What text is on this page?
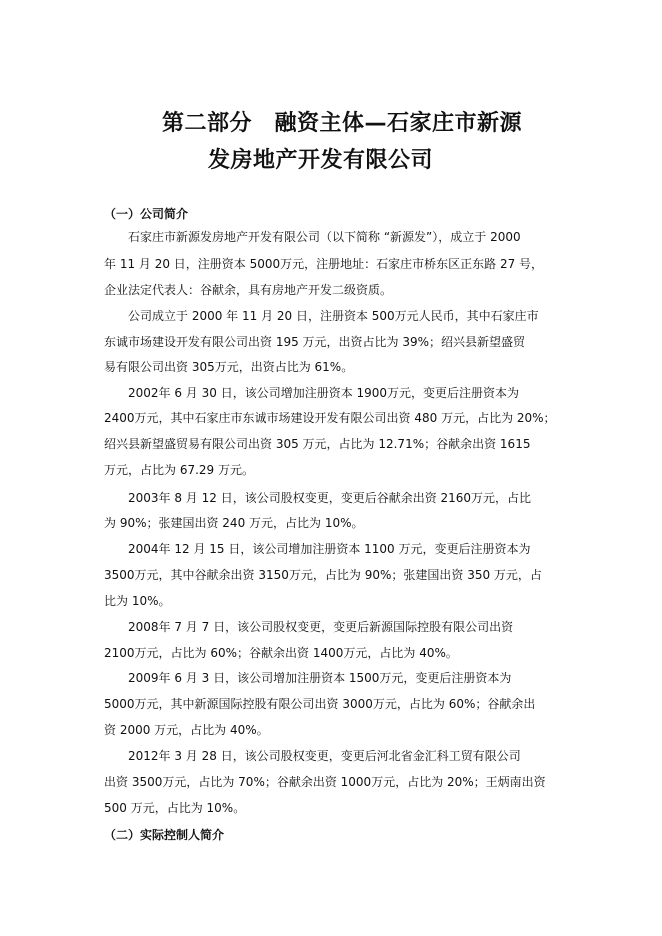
第二部分　融资主体—石家庄市新源
发房地产开发有限公司
（一）公司简介
石家庄市新源发房地产开发有限公司（以下简称 “新源发”），成立于 2000
年 11 月 20 日，注册资本 5000万元，注册地址：石家庄市桥东区正东路 27 号，
企业法定代表人：谷献余，具有房地产开发二级资质。
公司成立于 2000 年 11 月 20 日，注册资本 500万元人民币，其中石家庄市
东诚市场建设开发有限公司出资 195 万元，出资占比为 39%；绍兴县新望盛贸
易有限公司出资 305万元，出资占比为 61%。
2002年 6 月 30 日，该公司增加注册资本 1900万元，变更后注册资本为
2400万元，其中石家庄市东诚市场建设开发有限公司出资 480 万元，占比为 20%；
绍兴县新望盛贸易有限公司出资 305 万元，占比为 12.71%；谷献余出资 1615
万元，占比为 67.29 万元。
2003年 8 月 12 日，该公司股权变更，变更后谷献余出资 2160万元，占比
为 90%；张建国出资 240 万元，占比为 10%。
2004年 12 月 15 日，该公司增加注册资本 1100 万元，变更后注册资本为
3500万元，其中谷献余出资 3150万元，占比为 90%；张建国出资 350 万元，占
比为 10%。
2008年 7 月 7 日，该公司股权变更，变更后新源国际控股有限公司出资
2100万元，占比为 60%；谷献余出资 1400万元，占比为 40%。
2009年 6 月 3 日，该公司增加注册资本 1500万元，变更后注册资本为
5000万元，其中新源国际控股有限公司出资 3000万元，占比为 60%；谷献余出
资 2000 万元，占比为 40%。
2012年 3 月 28 日，该公司股权变更，变更后河北省金汇科工贸有限公司
出资 3500万元，占比为 70%；谷献余出资 1000万元，占比为 20%；王炳南出资
500 万元，占比为 10%。
（二）实际控制人简介
